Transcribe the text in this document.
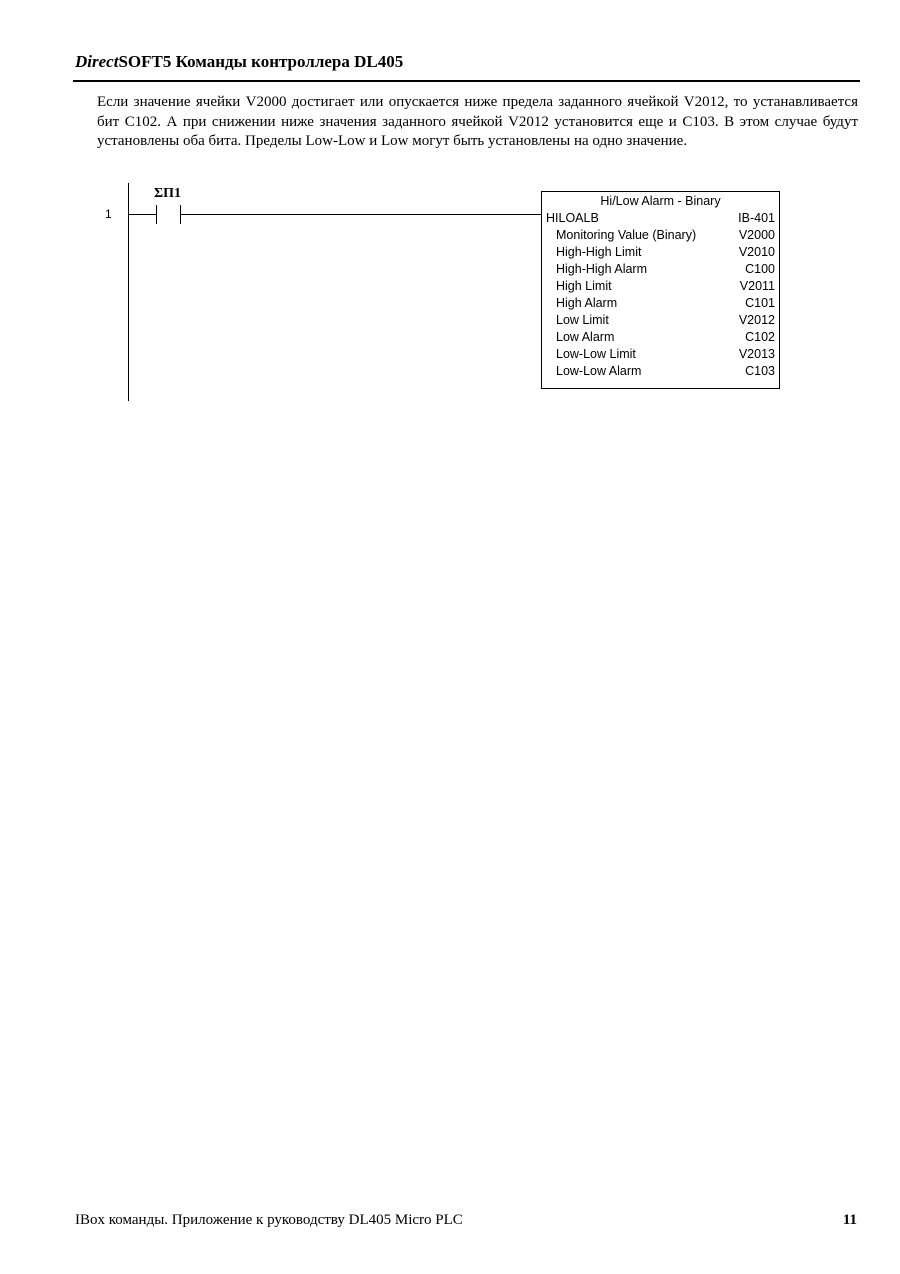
DirectSOFT5 Команды контроллера DL405
Если значение ячейки V2000 достигает или опускается ниже предела заданного ячейкой V2012, то устанавливается бит С102. А при снижении ниже значения заданного ячейкой V2012 установится еще и С103. В этом случае будут установлены оба бита. Пределы Low-Low и Low могут быть установлены на одно значение.
1
ΣП1	Hi/Low Alarm - Binary
HILOALB	IB-401
Monitoring Value (Binary)	V2000
High-High Limit	V2010
High-High Alarm	C100
High Limit	V2011
High Alarm	C101
Low Limit	V2012
Low Alarm	C102
Low-Low Limit	V2013
Low-Low Alarm	C103
IBox команды. Приложение к руководству DL405 Micro PLC	11
